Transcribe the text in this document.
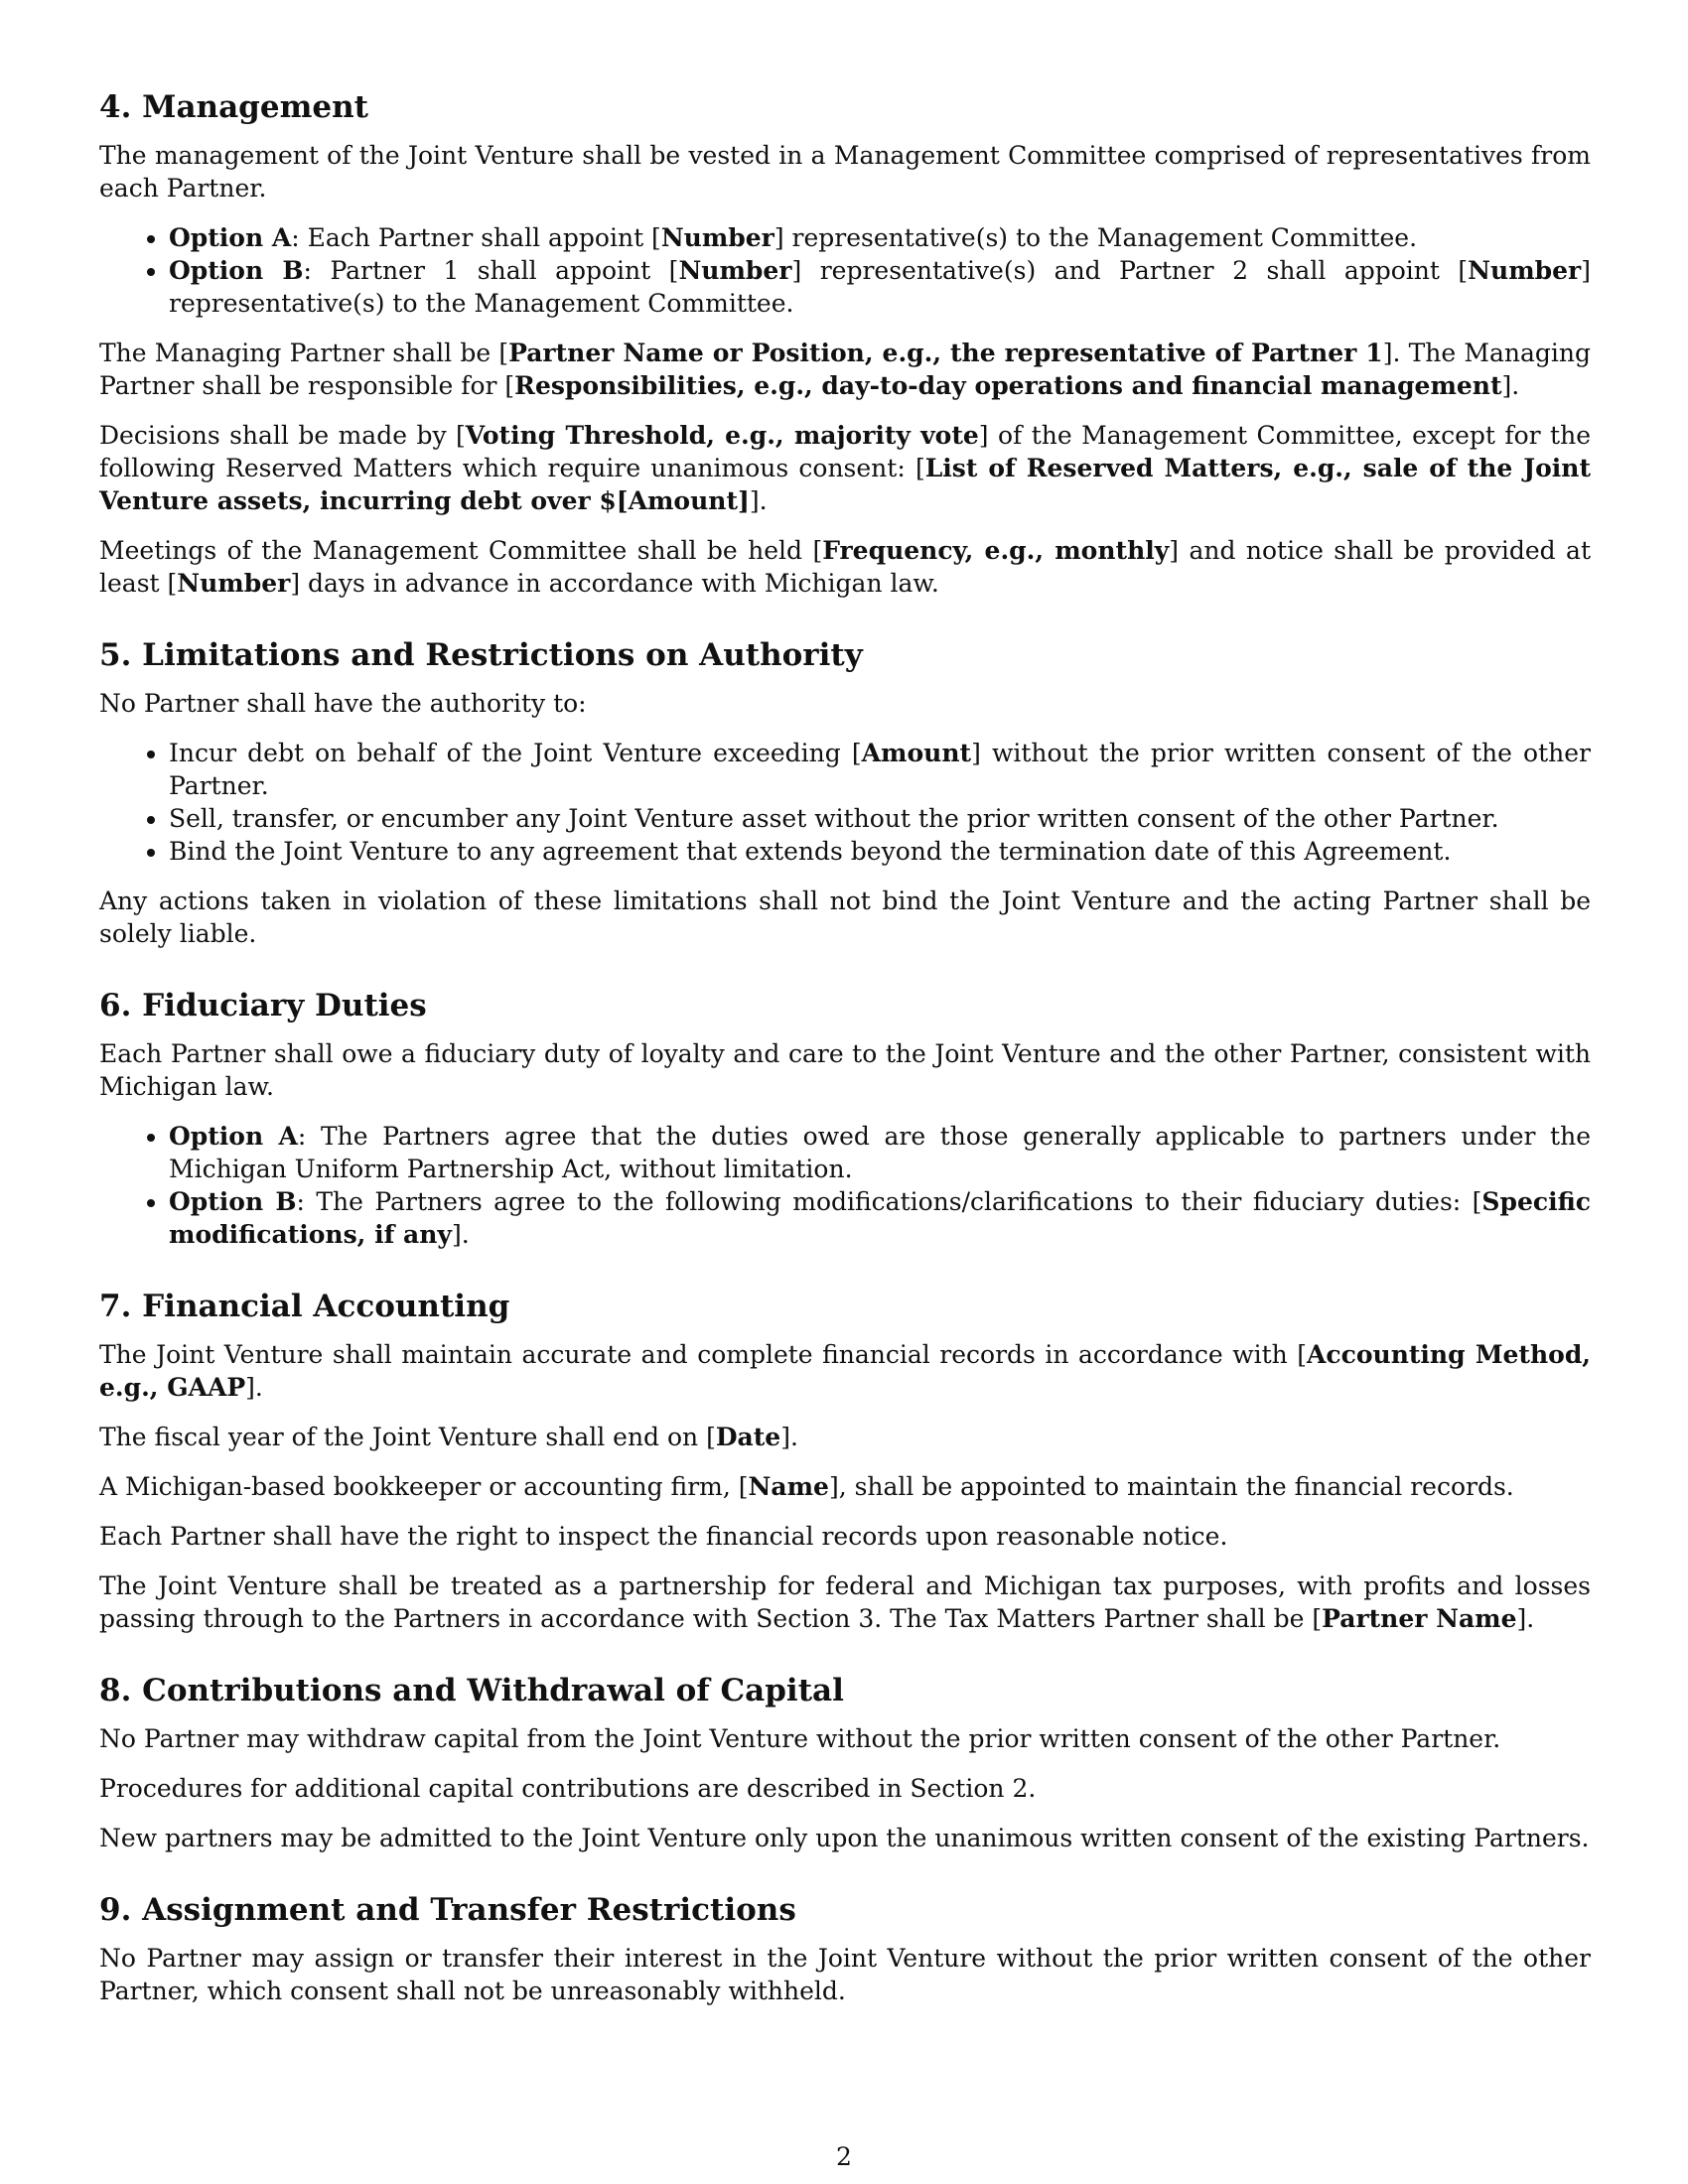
4. Management

The management of the Joint Venture shall be vested in a Management Committee comprised of representatives from each Partner.

• Option A: Each Partner shall appoint [Number] representative(s) to the Management Committee.
• Option B: Partner 1 shall appoint [Number] representative(s) and Partner 2 shall appoint [Number] representative(s) to the Management Committee.

The Managing Partner shall be [Partner Name or Position, e.g., the representative of Partner 1]. The Managing Partner shall be responsible for [Responsibilities, e.g., day-to-day operations and financial management].

Decisions shall be made by [Voting Threshold, e.g., majority vote] of the Management Committee, except for the following Reserved Matters which require unanimous consent: [List of Reserved Matters, e.g., sale of the Joint Venture assets, incurring debt over $[Amount]].

Meetings of the Management Committee shall be held [Frequency, e.g., monthly] and notice shall be provided at least [Number] days in advance in accordance with Michigan law.

5. Limitations and Restrictions on Authority

No Partner shall have the authority to:

• Incur debt on behalf of the Joint Venture exceeding [Amount] without the prior written consent of the other Partner.
• Sell, transfer, or encumber any Joint Venture asset without the prior written consent of the other Partner.
• Bind the Joint Venture to any agreement that extends beyond the termination date of this Agreement.

Any actions taken in violation of these limitations shall not bind the Joint Venture and the acting Partner shall be solely liable.

6. Fiduciary Duties

Each Partner shall owe a fiduciary duty of loyalty and care to the Joint Venture and the other Partner, consistent with Michigan law.

• Option A: The Partners agree that the duties owed are those generally applicable to partners under the Michigan Uniform Partnership Act, without limitation.
• Option B: The Partners agree to the following modifications/clarifications to their fiduciary duties: [Specific modifications, if any].
7. Financial Accounting

The Joint Venture shall maintain accurate and complete financial records in accordance with [Accounting Method, e.g., GAAP].

The fiscal year of the Joint Venture shall end on [Date].

A Michigan-based bookkeeper or accounting firm, [Name], shall be appointed to maintain the financial records.

Each Partner shall have the right to inspect the financial records upon reasonable notice.

The Joint Venture shall be treated as a partnership for federal and Michigan tax purposes, with profits and losses passing through to the Partners in accordance with Section 3. The Tax Matters Partner shall be [Partner Name].

8. Contributions and Withdrawal of Capital

No Partner may withdraw capital from the Joint Venture without the prior written consent of the other Partner.

Procedures for additional capital contributions are described in Section 2.

New partners may be admitted to the Joint Venture only upon the unanimous written consent of the existing Partners.

9. Assignment and Transfer Restrictions

No Partner may assign or transfer their interest in the Joint Venture without the prior written consent of the other Partner, which consent shall not be unreasonably withheld.

2
